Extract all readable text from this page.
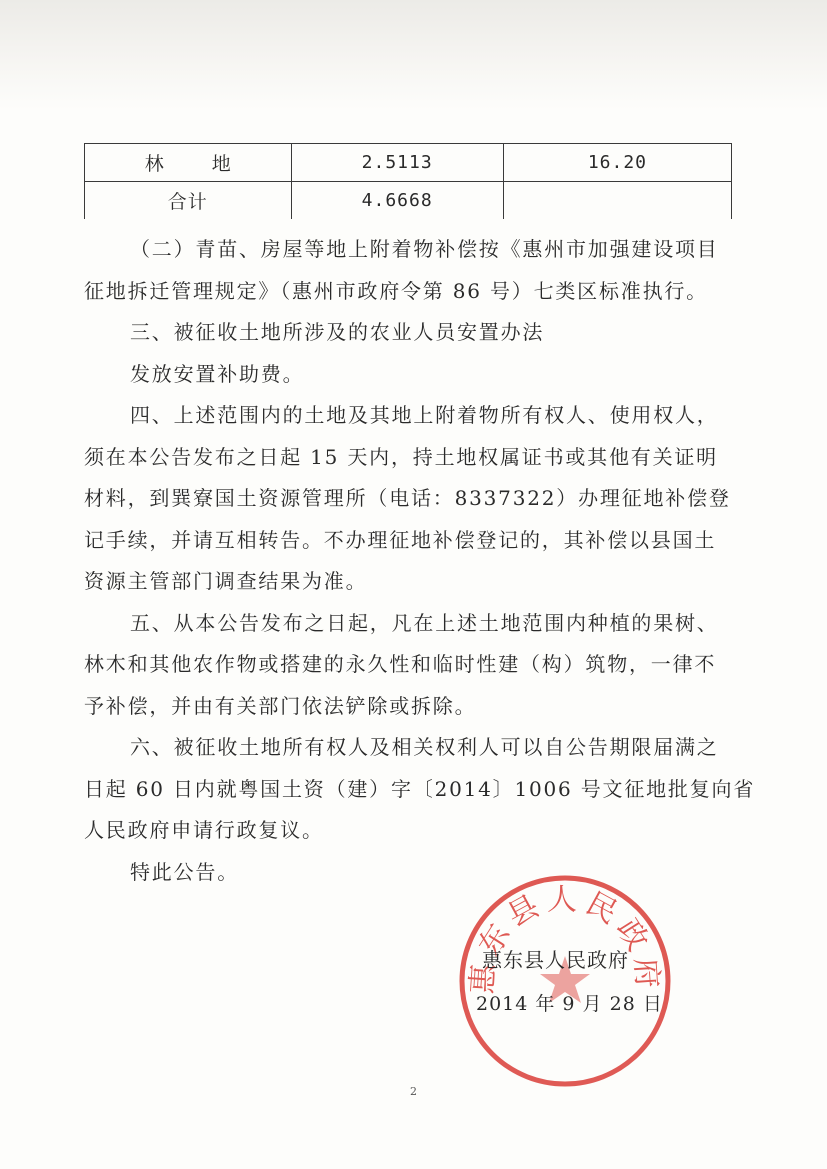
林地	2.5113	16.20
合计	4.6668	
（二）青苗、房屋等地上附着物补偿按《惠州市加强建设项目
征地拆迁管理规定》（惠州市政府令第 86 号）七类区标准执行。
三、被征收土地所涉及的农业人员安置办法
发放安置补助费。
四、上述范围内的土地及其地上附着物所有权人、使用权人，
须在本公告发布之日起 15 天内，持土地权属证书或其他有关证明
材料，到巽寮国土资源管理所（电话：8337322）办理征地补偿登
记手续，并请互相转告。不办理征地补偿登记的，其补偿以县国土
资源主管部门调查结果为准。
五、从本公告发布之日起，凡在上述土地范围内种植的果树、
林木和其他农作物或搭建的永久性和临时性建（构）筑物，一律不
予补偿，并由有关部门依法铲除或拆除。
六、被征收土地所有权人及相关权利人可以自公告期限届满之
日起 60 日内就粤国土资（建）字〔2014〕1006 号文征地批复向省
人民政府申请行政复议。
特此公告。
惠东县人民政府
惠东县人民政府
2014 年 9 月 28 日
2
